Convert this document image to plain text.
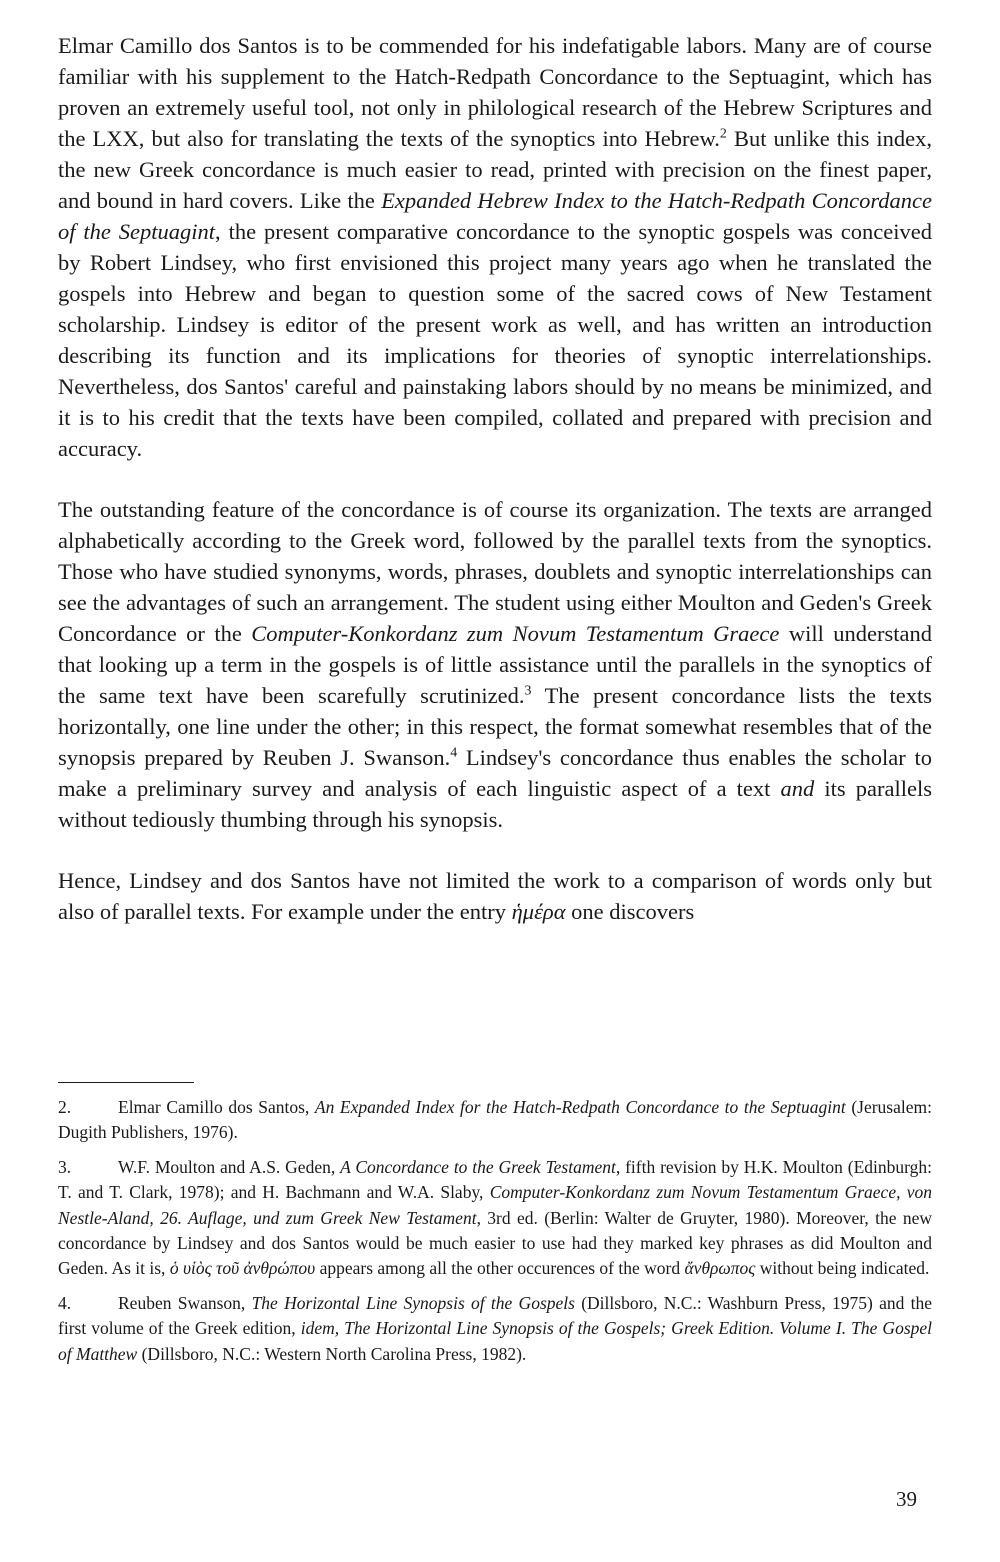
Elmar Camillo dos Santos is to be commended for his indefatigable labors. Many are of course familiar with his supplement to the Hatch-Redpath Concordance to the Septuagint, which has proven an extremely useful tool, not only in philological research of the Hebrew Scriptures and the LXX, but also for translating the texts of the synoptics into Hebrew.$^2$ But unlike this index, the new Greek concordance is much easier to read, printed with precision on the finest paper, and bound in hard covers. Like the Expanded Hebrew Index to the Hatch-Redpath Concordance of the Septuagint, the present comparative concordance to the synoptic gospels was conceived by Robert Lindsey, who first envisioned this project many years ago when he translated the gospels into Hebrew and began to question some of the sacred cows of New Testament scholarship. Lindsey is editor of the present work as well, and has written an introduction describing its function and its implications for theories of synoptic interrelationships. Nevertheless, dos Santos' careful and painstaking labors should by no means be minimized, and it is to his credit that the texts have been compiled, collated and prepared with precision and accuracy.

The outstanding feature of the concordance is of course its organization. The texts are arranged alphabetically according to the Greek word, followed by the parallel texts from the synoptics. Those who have studied synonyms, words, phrases, doublets and synoptic interrelationships can see the advantages of such an arrangement. The student using either Moulton and Geden's Greek Concordance or the Computer-Konkordanz zum Novum Testamentum Graece will understand that looking up a term in the gospels is of little assistance until the parallels in the synoptics of the same text have been scarefully scrutinized.$^3$ The present concordance lists the texts horizontally, one line under the other; in this respect, the format somewhat resembles that of the synopsis prepared by Reuben J. Swanson.$^4$ Lindsey's concordance thus enables the scholar to make a preliminary survey and analysis of each linguistic aspect of a text and its parallels without tediously thumbing through his synopsis.

Hence, Lindsey and dos Santos have not limited the work to a comparison of words only but also of parallel texts. For example under the entry ἡμέρα one discovers

2.	Elmar Camillo dos Santos, An Expanded Index for the Hatch-Redpath Concordance to the Septuagint (Jerusalem: Dugith Publishers, 1976).

3.	W.F. Moulton and A.S. Geden, A Concordance to the Greek Testament, fifth revision by H.K. Moulton (Edinburgh: T. and T. Clark, 1978); and H. Bachmann and W.A. Slaby, Computer-Konkordanz zum Novum Testamentum Graece, von Nestle-Aland, 26. Auflage, und zum Greek New Testament, 3rd ed. (Berlin: Walter de Gruyter, 1980). Moreover, the new concordance by Lindsey and dos Santos would be much easier to use had they marked key phrases as did Moulton and Geden. As it is, ὁ υἱὸς τοῦ ἀνθρώπου appears among all the other occurences of the word ἄνθρωπος without being indicated.

4.	Reuben Swanson, The Horizontal Line Synopsis of the Gospels (Dillsboro, N.C.: Washburn Press, 1975) and the first volume of the Greek edition, idem, The Horizontal Line Synopsis of the Gospels; Greek Edition. Volume I. The Gospel of Matthew (Dillsboro, N.C.: Western North Carolina Press, 1982).

39
